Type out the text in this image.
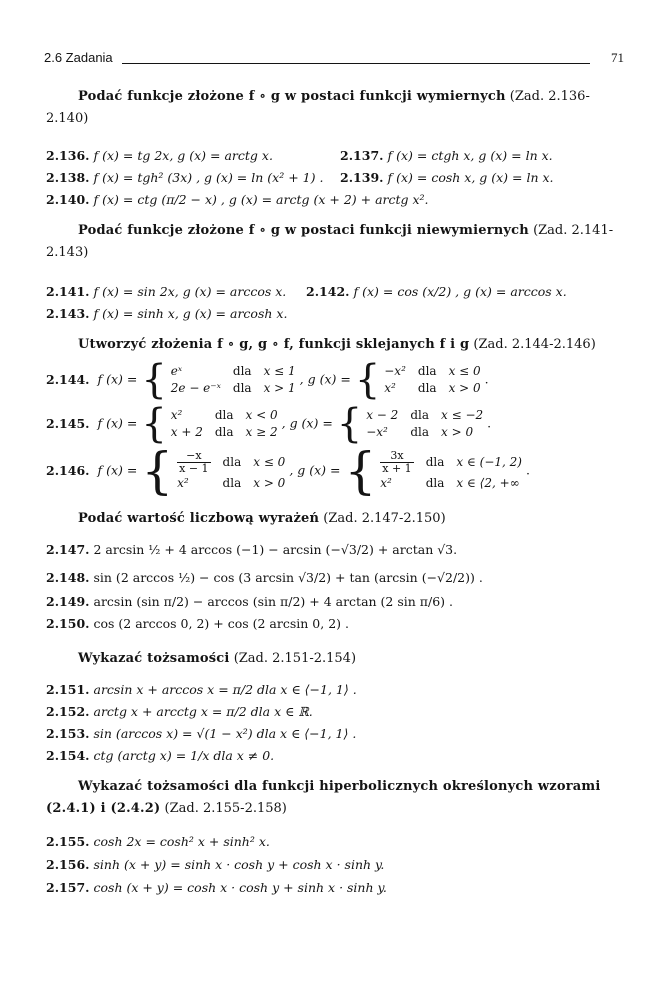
2.6 Zadania	71
Podać funkcje złożone f ∘ g w postaci funkcji wymiernych (Zad. 2.136-2.140)
2.136. f (x) = tg 2x, g (x) = arctg x.	2.137. f (x) = ctgh x, g (x) = ln x.
2.138. f (x) = tgh² (3x) , g (x) = ln (x² + 1) . 2.139. f (x) = cosh x, g (x) = ln x.
2.140. f (x) = ctg (π/2 − x) , g (x) = arctg (x + 2) + arctg x².
Podać funkcje złożone f ∘ g w postaci funkcji niewymiernych (Zad. 2.141-2.143)
2.141. f (x) = sin 2x, g (x) = arccos x. 2.142. f (x) = cos (x/2) , g (x) = arccos x.
2.143. f (x) = sinh x, g (x) = arcosh x.
Utworzyć złożenia f ∘ g, g ∘ f, funkcji sklejanych f i g (Zad. 2.144-2.146)
2.144. f (x) = { eˣ	dla x ≤ 1
2e − e⁻ˣ dla x > 1
, g (x) = { −x² dla x ≤ 0
x²	dla x > 0
.
2.145. f (x) = { x²	dla x < 0
x + 2 dla x ≥ 2
, g (x) = { x − 2 dla x ≤ −2
−x²	dla x > 0
.
2.146. f (x) = { $\frac{-x}{x - 1}$ dla x ≤ 0
x²	dla x > 0
, g (x) = { $\frac{3x}{x + 1}$ dla x ∈ (−1, 2)
x²	dla x ∈ ⟨2, +∞
.
Podać wartość liczbową wyrażeń (Zad. 2.147-2.150)
2.147. 2 arcsin ½ + 4 arccos (−1) − arcsin (−√3/2) + arctan √3.
2.148. sin (2 arccos ½) − cos (3 arcsin √3/2) + tan (arcsin (−√2/2)) .
2.149. arcsin (sin π/2) − arccos (sin π/2) + 4 arctan (2 sin π/6) .
2.150. cos (2 arccos 0, 2) + cos (2 arcsin 0, 2) .
Wykazać tożsamości (Zad. 2.151-2.154)
2.151. arcsin x + arccos x = π/2 dla x ∈ ⟨−1, 1⟩ .
2.152. arctg x + arcctg x = π/2 dla x ∈ ℝ.
2.153. sin (arccos x) = √(1 − x²) dla x ∈ ⟨−1, 1⟩ .
2.154. ctg (arctg x) = 1/x dla x ≠ 0.
Wykazać tożsamości dla funkcji hiperbolicznych określonych wzorami (2.4.1) i (2.4.2) (Zad. 2.155-2.158)
2.155. cosh 2x = cosh² x + sinh² x.
2.156. sinh (x + y) = sinh x · cosh y + cosh x · sinh y.
2.157. cosh (x + y) = cosh x · cosh y + sinh x · sinh y.
